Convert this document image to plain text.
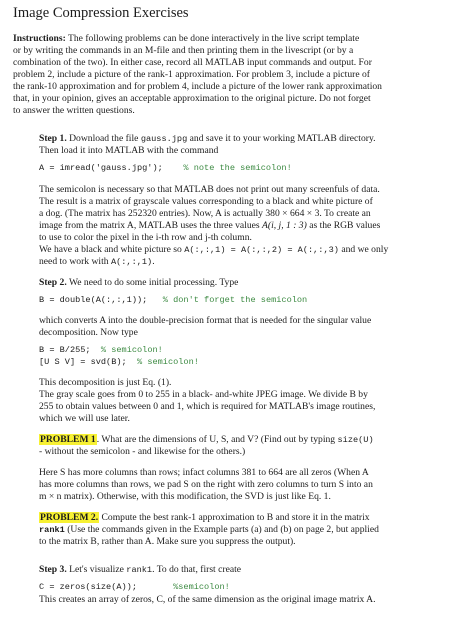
Image Compression Exercises

Instructions: The following problems can be done interactively in the live script template

or by writing the commands in an M-file and then printing them in the livescript (or by a

combination of the two). In either case, record all MATLAB input commands and output. For

problem 2, include a picture of the rank-1 approximation. For problem 3, include a picture of

the rank-10 approximation and for problem 4, include a picture of the lower rank approximation

that, in your opinion, gives an acceptable approximation to the original picture. Do not forget

to answer the written questions.

Step 1. Download the file gauss.jpg and save it to your working MATLAB directory.

Then load it into MATLAB with the command

A = imread('gauss.jpg'); % note the semicolon!

The semicolon is necessary so that MATLAB does not print out many screenfuls of data.

The result is a matrix of grayscale values corresponding to a black and white picture of

a dog. (The matrix has 252320 entries). Now, A is actually 380 × 664 × 3. To create an

image from the matrix A, MATLAB uses the three values A(i, j, 1 : 3) as the RGB values

to use to color the pixel in the i-th row and j-th column.

We have a black and white picture so A(:,:,1) = A(:,:,2) = A(:,:,3) and we only

need to work with A(:,:,1).

Step 2. We need to do some initial processing. Type

B = double(A(:,:,1)); % don't forget the semicolon

which converts A into the double-precision format that is needed for the singular value

decomposition. Now type

B = B/255; % semicolon!

[U S V] = svd(B); % semicolon!

This decomposition is just Eq. (1).

The gray scale goes from 0 to 255 in a black- and-white JPEG image. We divide B by

255 to obtain values between 0 and 1, which is required for MATLAB's image routines,

which we will use later.

PROBLEM 1. What are the dimensions of U, S, and V? (Find out by typing size(U)

- without the semicolon - and likewise for the others.)

Here S has more columns than rows; infact columns 381 to 664 are all zeros (When A

has more columns than rows, we pad S on the right with zero columns to turn S into an

m × n matrix). Otherwise, with this modification, the SVD is just like Eq. 1.

PROBLEM 2. Compute the best rank-1 approximation to B and store it in the matrix

rank1 (Use the commands given in the Example parts (a) and (b) on page 2, but applied

to the matrix B, rather than A. Make sure you suppress the output).

Step 3. Let's visualize rank1. To do that, first create

C = zeros(size(A));	%semicolon!

This creates an array of zeros, C, of the same dimension as the original image matrix A.
